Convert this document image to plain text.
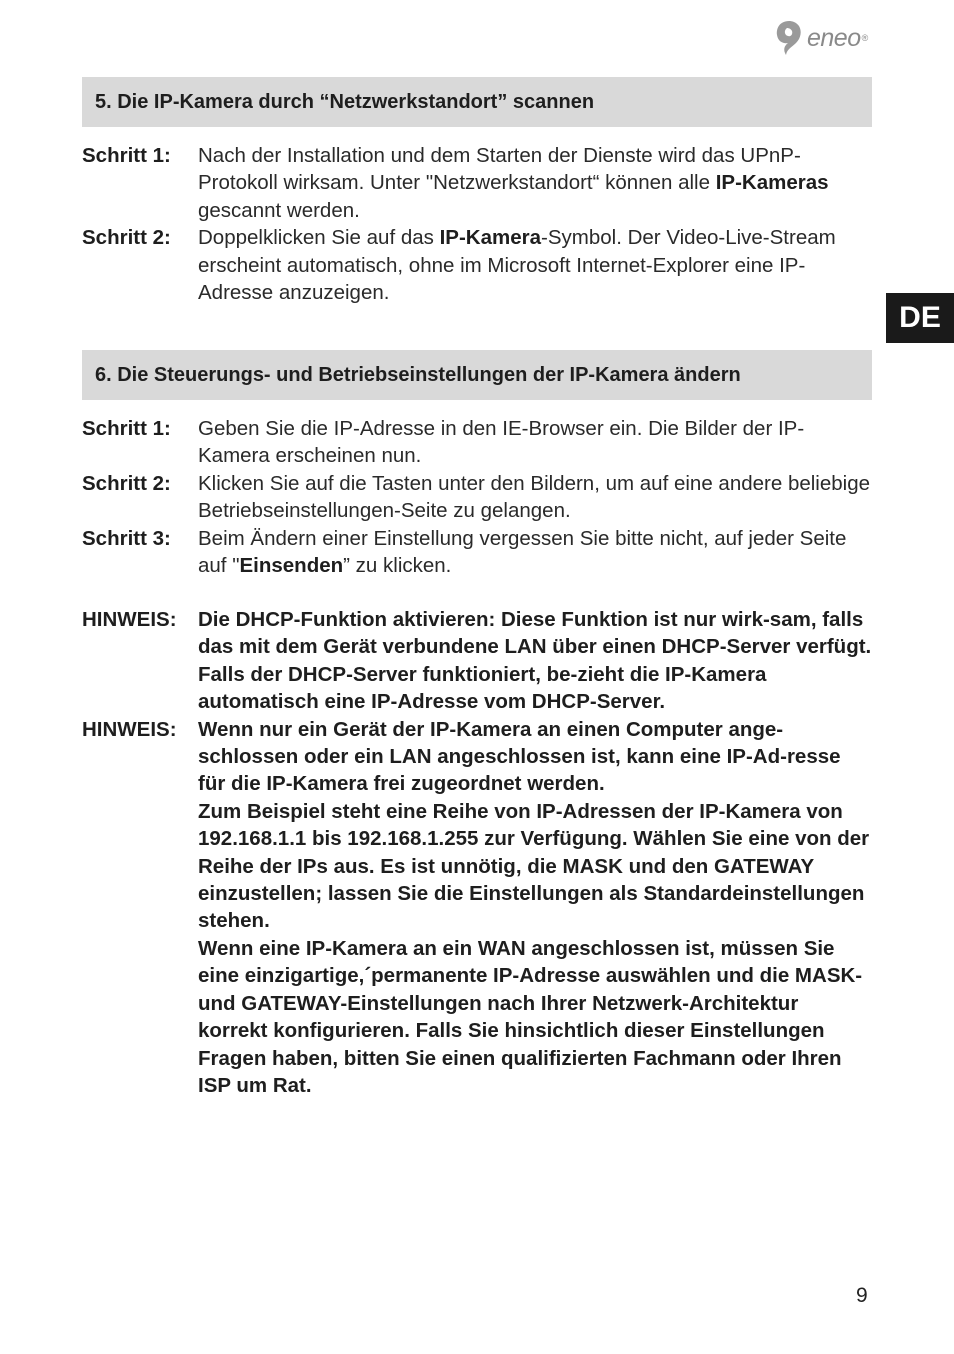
eneo ®
DE
5. Die IP-Kamera durch “Netzwerkstandort” scannen
Schritt 1:	Nach der Installation und dem Starten der Dienste wird das UPnP-Protokoll wirksam. Unter "Netzwerkstandort“ können alle IP-Kameras gescannt werden.
Schritt 2:	Doppelklicken Sie auf das IP-Kamera-Symbol. Der Video-Live-Stream erscheint automatisch, ohne im Microsoft Internet-Explorer eine IP-Adresse anzuzeigen.
6. Die Steuerungs- und Betriebseinstellungen der IP-Kamera ändern
Schritt 1:	Geben Sie die IP-Adresse in den IE-Browser ein. Die Bilder der IP-Kamera erscheinen nun.
Schritt 2:	Klicken Sie auf die Tasten unter den Bildern, um auf eine andere beliebige Betriebseinstellungen-Seite zu gelangen.
Schritt 3:	Beim Ändern einer Einstellung vergessen Sie bitte nicht, auf jeder Seite auf "Einsenden” zu klicken.
HINWEIS:	Die DHCP-Funktion aktivieren: Diese Funktion ist nur wirk-sam, falls das mit dem Gerät verbundene LAN über einen DHCP-Server verfügt. Falls der DHCP-Server funktioniert, be-zieht die IP-Kamera automatisch eine IP-Adresse vom DHCP-Server.

HINWEIS:	Wenn nur ein Gerät der IP-Kamera an einen Computer ange-schlossen oder ein LAN angeschlossen ist, kann eine IP-Ad-resse für die IP-Kamera frei zugeordnet werden.

Zum Beispiel steht eine Reihe von IP-Adressen der IP-Kamera von 192.168.1.1 bis 192.168.1.255 zur Verfügung. Wählen Sie eine von der Reihe der IPs aus. Es ist unnötig, die MASK und den GATEWAY einzustellen; lassen Sie die Einstellungen als Standardeinstellungen stehen.

Wenn eine IP-Kamera an ein WAN angeschlossen ist, müssen Sie eine einzigartige,´permanente IP-Adresse auswählen und die MASK- und GATEWAY-Einstellungen nach Ihrer Netzwerk-Architektur korrekt konfigurieren. Falls Sie hinsichtlich dieser Einstellungen Fragen haben, bitten Sie einen qualifizierten Fachmann oder Ihren ISP um Rat.

9
